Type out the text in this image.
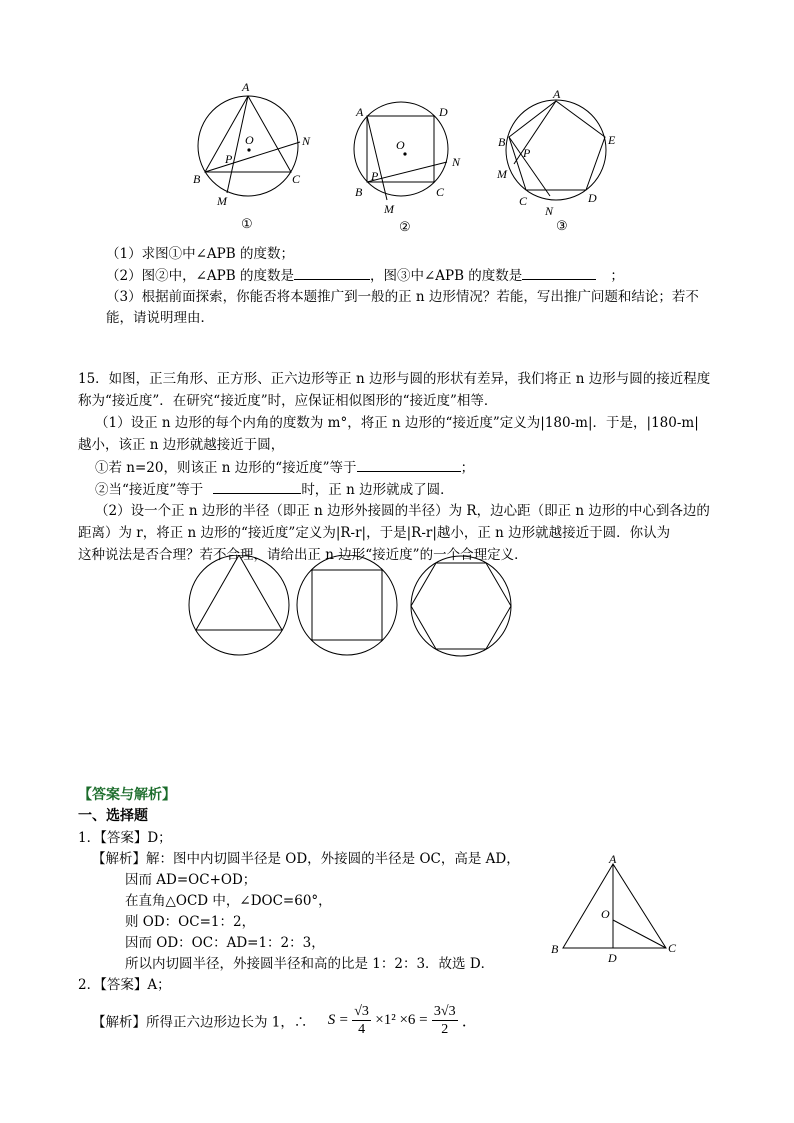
A
O	N
P
B	C
M
①
A	D
O
N
P
B	C
M
②
A
B	E
P
M
C
N
D
③
（1）求图①中∠APB 的度数；
（2）图②中，∠APB 的度数是	，图③中∠APB 的度数是	；
（3）根据前面探索，你能否将本题推广到一般的正 n 边形情况？若能，写出推广问题和结论；若不
能，请说明理由．
15．如图，正三角形、正方形、正六边形等正 n 边形与圆的形状有差异，我们将正 n 边形与圆的接近程度
称为“接近度”．在研究“接近度”时，应保证相似图形的“接近度”相等．
（1）设正 n 边形的每个内角的度数为 m°，将正 n 边形的“接近度”定义为|180-m|．于是，|180-m|
越小，该正 n 边形就越接近于圆，
①若 n=20，则该正 n 边形的“接近度”等于	；
②当“接近度”等于	时，正 n 边形就成了圆．
（2）设一个正 n 边形的半径（即正 n 边形外接圆的半径）为 R，边心距（即正 n 边形的中心到各边的
距离）为 r，将正 n 边形的“接近度”定义为|R-r|，于是|R-r|越小，正 n 边形就越接近于圆．你认为
这种说法是否合理？若不合理，请给出正 n 边形“接近度”的一个合理定义．
【答案与解析】
一、选择题
1．【答案】D；
【解析】解：图中内切圆半径是 OD，外接圆的半径是 OC，高是 AD，
因而 AD=OC+OD；
在直角△OCD 中，∠DOC=60°，
则 OD：OC=1：2，
因而 OD：OC：AD=1：2：3，
所以内切圆半径，外接圆半径和高的比是 1：2：3．故选 D．
A
O
B
D
C
2．【答案】A；
【解析】所得正六边形边长为 1，∴ $S = \frac{√3}{4} \times 1^2 \times 6 = \frac{3√3}{2}$ ．
